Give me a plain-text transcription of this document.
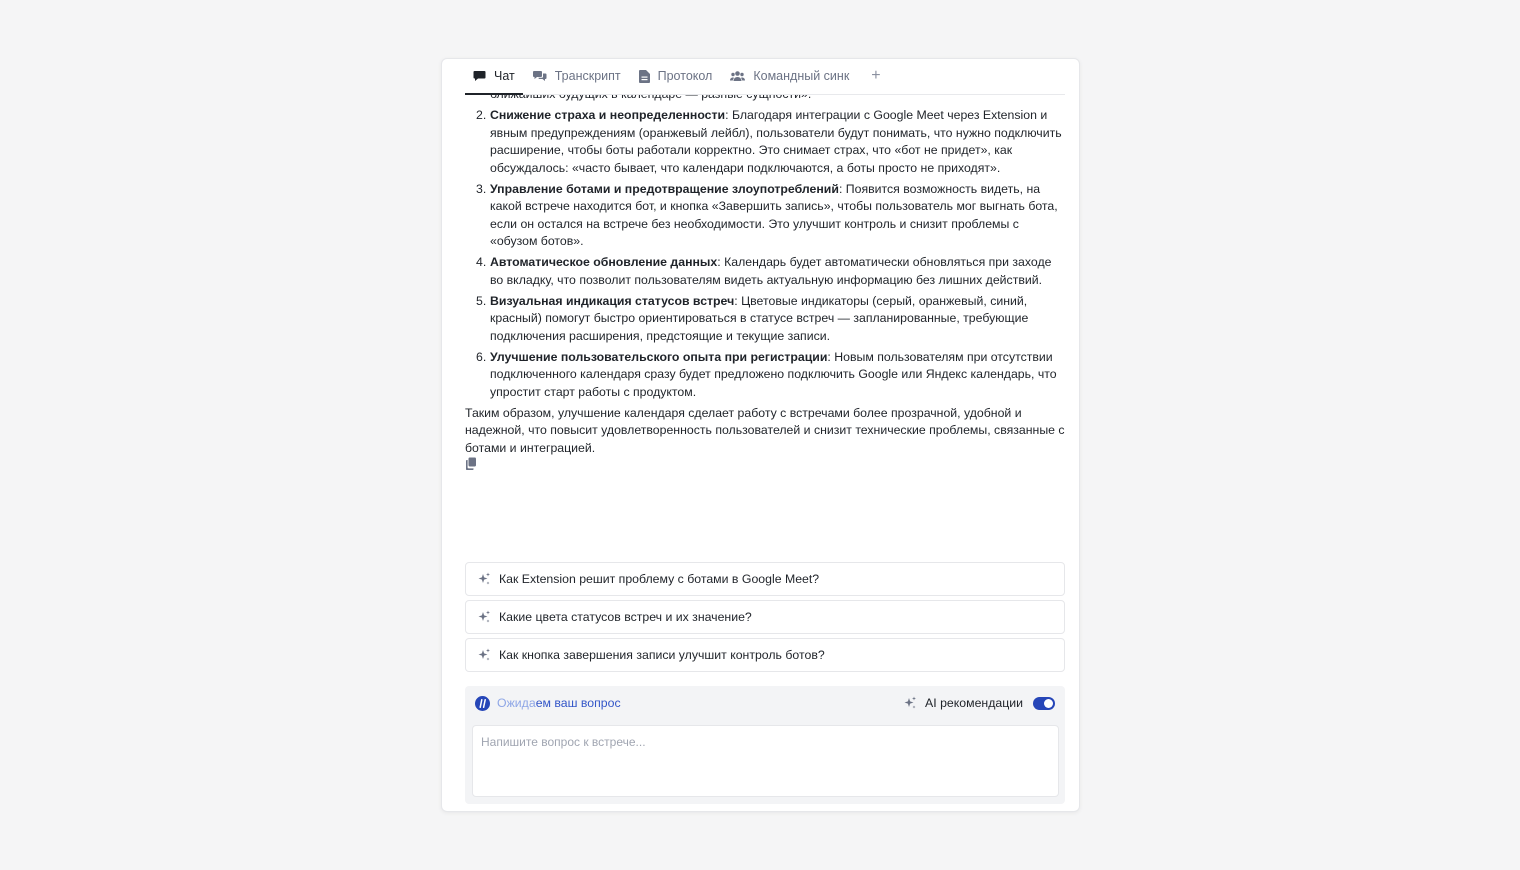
Чат	Транскрипт	Протокол	Командный синк +
2. Снижение страха и неопределенности: Благодаря интеграции с Google Meet через Extension и явным предупреждениям (оранжевый лейбл), пользователи будут понимать, что нужно подключить расширение, чтобы боты работали корректно. Это снимает страх, что «бот не придет», как обсуждалось: «часто бывает, что календари подключаются, а боты просто не приходят».
3. Управление ботами и предотвращение злоупотреблений: Появится возможность видеть, на какой встрече находится бот, и кнопка «Завершить запись», чтобы пользователь мог выгнать бота, если он остался на встрече без необходимости. Это улучшит контроль и снизит проблемы с «обузом ботов».
4. Автоматическое обновление данных: Календарь будет автоматически обновляться при заходе во вкладку, что позволит пользователям видеть актуальную информацию без лишних действий.
5. Визуальная индикация статусов встреч: Цветовые индикаторы (серый, оранжевый, синий, красный) помогут быстро ориентироваться в статусе встреч — запланированные, требующие подключения расширения, предстоящие и текущие записи.
6. Улучшение пользовательского опыта при регистрации: Новым пользователям при отсутствии подключенного календаря сразу будет предложено подключить Google или Яндекс календарь, что упростит старт работы с продуктом.

Таким образом, улучшение календаря сделает работу с встречами более прозрачной, удобной и надежной, что повысит удовлетворенность пользователей и снизит технические проблемы, связанные с ботами и интеграцией.

Как Extension решит проблему с ботами в Google Meet?
Какие цвета статусов встреч и их значение?
Как кнопка завершения записи улучшит контроль ботов?
Ожидаем ваш вопрос	AI рекомендации
Напишите вопрос к встрече...
